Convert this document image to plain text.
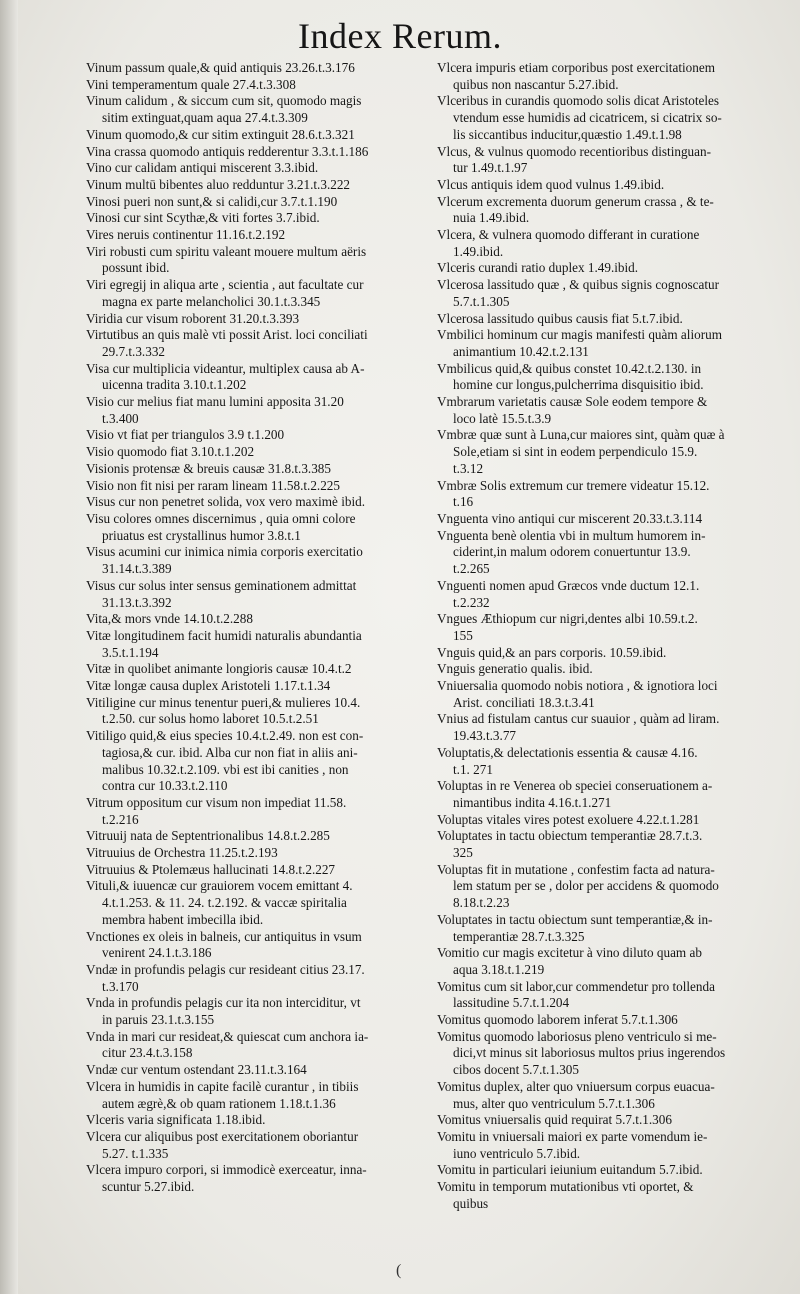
Index Rerum.
Vinum passum quale,& quid antiquis 23.26.t.3.176
Vini temperamentum quale 27.4.t.3.308
Vinum calidum , & siccum cum sit, quomodo magis
sitim extinguat,quam aqua 27.4.t.3.309
Vinum quomodo,& cur sitim extinguit 28.6.t.3.321
Vina crassa quomodo antiquis redderentur 3.3.t.1.186
Vino cur calidam antiqui miscerent 3.3.ibid.
Vinum multū bibentes aluo redduntur 3.21.t.3.222
Vinosi pueri non sunt,& si calidi,cur 3.7.t.1.190
Vinosi cur sint Scythæ,& viti fortes 3.7.ibid.
Vires neruis continentur 11.16.t.2.192
Viri robusti cum spiritu valeant mouere multum aëris
possunt ibid.
Viri egregij in aliqua arte , scientia , aut facultate cur
magna ex parte melancholici 30.1.t.3.345
Viridia cur visum roborent 31.20.t.3.393
Virtutibus an quis malè vti possit Arist. loci conciliati
29.7.t.3.332
Visa cur multiplicia videantur, multiplex causa ab A-
uicenna tradita 3.10.t.1.202
Visio cur melius fiat manu lumini apposita 31.20
t.3.400
Visio vt fiat per triangulos 3.9 t.1.200
Visio quomodo fiat 3.10.t.1.202
Visionis protensæ & breuis causæ 31.8.t.3.385
Visio non fit nisi per raram lineam 11.58.t.2.225
Visus cur non penetret solida, vox vero maximè ibid.
Visu colores omnes discernimus , quia omni colore
priuatus est crystallinus humor 3.8.t.1
Visus acumini cur inimica nimia corporis exercitatio
31.14.t.3.389
Visus cur solus inter sensus geminationem admittat
31.13.t.3.392
Vita,& mors vnde 14.10.t.2.288
Vitæ longitudinem facit humidi naturalis abundantia
3.5.t.1.194
Vitæ in quolibet animante longioris causæ 10.4.t.2
Vitæ longæ causa duplex Aristoteli 1.17.t.1.34
Vitiligine cur minus tenentur pueri,& mulieres 10.4.
t.2.50. cur solus homo laboret 10.5.t.2.51
Vitiligo quid,& eius species 10.4.t.2.49. non est con-
tagiosa,& cur. ibid. Alba cur non fiat in aliis ani-
malibus 10.32.t.2.109. vbi est ibi canities , non
contra cur 10.33.t.2.110
Vitrum oppositum cur visum non impediat 11.58.
t.2.216
Vitruuij nata de Septentrionalibus 14.8.t.2.285
Vitruuius de Orchestra 11.25.t.2.193
Vitruuius & Ptolemæus hallucinati 14.8.t.2.227
Vituli,& iuuencæ cur grauiorem vocem emittant 4.
4.t.1.253. & 11. 24. t.2.192. & vaccæ spiritalia
membra habent imbecilla ibid.
Vnctiones ex oleis in balneis, cur antiquitus in vsum
venirent 24.1.t.3.186
Vndæ in profundis pelagis cur resideant citius 23.17.
t.3.170
Vnda in profundis pelagis cur ita non interciditur, vt
in paruis 23.1.t.3.155
Vnda in mari cur resideat,& quiescat cum anchora ia-
citur 23.4.t.3.158
Vndæ cur ventum ostendant 23.11.t.3.164
Vlcera in humidis in capite facilè curantur , in tibiis
autem ægrè,& ob quam rationem 1.18.t.1.36
Vlceris varia significata 1.18.ibid.
Vlcera cur aliquibus post exercitationem oboriantur
5.27. t.1.335
Vlcera impuro corpori, si immodicè exerceatur, inna-
scuntur 5.27.ibid.
Vlcera impuris etiam corporibus post exercitationem
quibus non nascantur 5.27.ibid.
Vlceribus in curandis quomodo solis dicat Aristoteles
vtendum esse humidis ad cicatricem, si cicatrix so-
lis siccantibus inducitur,quæstio 1.49.t.1.98
Vlcus, & vulnus quomodo recentioribus distinguan-
tur 1.49.t.1.97
Vlcus antiquis idem quod vulnus 1.49.ibid.
Vlcerum excrementa duorum generum crassa , & te-
nuia 1.49.ibid.
Vlcera, & vulnera quomodo differant in curatione
1.49.ibid.
Vlceris curandi ratio duplex 1.49.ibid.
Vlcerosa lassitudo quæ , & quibus signis cognoscatur
5.7.t.1.305
Vlcerosa lassitudo quibus causis fiat 5.t.7.ibid.
Vmbilici hominum cur magis manifesti quàm aliorum
animantium 10.42.t.2.131
Vmbilicus quid,& quibus constet 10.42.t.2.130. in
homine cur longus,pulcherrima disquisitio ibid.
Vmbrarum varietatis causæ Sole eodem tempore &
loco latè 15.5.t.3.9
Vmbræ quæ sunt à Luna,cur maiores sint, quàm quæ à
Sole,etiam si sint in eodem perpendiculo 15.9.
t.3.12
Vmbræ Solis extremum cur tremere videatur 15.12.
t.16
Vnguenta vino antiqui cur miscerent 20.33.t.3.114
Vnguenta benè olentia vbi in multum humorem in-
ciderint,in malum odorem conuertuntur 13.9.
t.2.265
Vnguenti nomen apud Græcos vnde ductum 12.1.
t.2.232
Vngues Æthiopum cur nigri,dentes albi 10.59.t.2.
155
Vnguis quid,& an pars corporis. 10.59.ibid.
Vnguis generatio qualis. ibid.
Vniuersalia quomodo nobis notiora , & ignotiora loci
Arist. conciliati 18.3.t.3.41
Vnius ad fistulam cantus cur suauior , quàm ad liram.
19.43.t.3.77
Voluptatis,& delectationis essentia & causæ 4.16.
t.1. 271
Voluptas in re Venerea ob speciei conseruationem a-
nimantibus indita 4.16.t.1.271
Voluptas vitales vires potest exoluere 4.22.t.1.281
Voluptates in tactu obiectum temperantiæ 28.7.t.3.
325
Voluptas fit in mutatione , confestim facta ad natura-
lem statum per se , dolor per accidens & quomodo
8.18.t.2.23
Voluptates in tactu obiectum sunt temperantiæ,& in-
temperantiæ 28.7.t.3.325
Vomitio cur magis excitetur à vino diluto quam ab
aqua 3.18.t.1.219
Vomitus cum sit labor,cur commendetur pro tollenda
lassitudine 5.7.t.1.204
Vomitus quomodo laborem inferat 5.7.t.1.306
Vomitus quomodo laboriosus pleno ventriculo si me-
dici,vt minus sit laboriosus multos prius ingerendos
cibos docent 5.7.t.1.305
Vomitus duplex, alter quo vniuersum corpus euacua-
mus, alter quo ventriculum 5.7.t.1.306
Vomitus vniuersalis quid requirat 5.7.t.1.306
Vomitu in vniuersali maiori ex parte vomendum ie-
iuno ventriculo 5.7.ibid.
Vomitu in particulari ieiunium euitandum 5.7.ibid.
Vomitu in temporum mutationibus vti oportet, &
quibus
(
